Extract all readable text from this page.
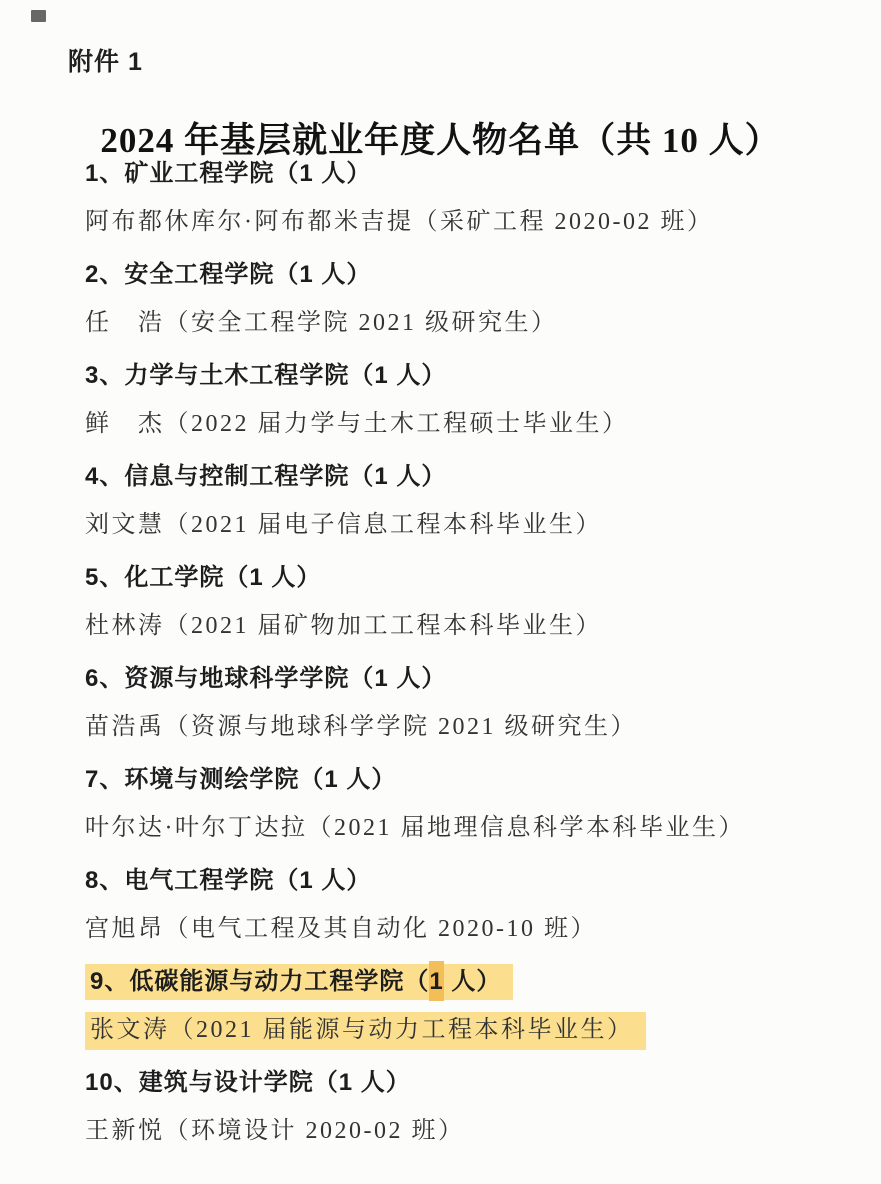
附件 1
2024 年基层就业年度人物名单（共 10 人）
1、矿业工程学院（1 人）
阿布都休库尔·阿布都米吉提（采矿工程 2020-02 班）
2、安全工程学院（1 人）
任　浩（安全工程学院 2021 级研究生）
3、力学与土木工程学院（1 人）
鲜　杰（2022 届力学与土木工程硕士毕业生）
4、信息与控制工程学院（1 人）
刘文慧（2021 届电子信息工程本科毕业生）
5、化工学院（1 人）
杜林涛（2021 届矿物加工工程本科毕业生）
6、资源与地球科学学院（1 人）
苗浩禹（资源与地球科学学院 2021 级研究生）
7、环境与测绘学院（1 人）
叶尔达·叶尔丁达拉（2021 届地理信息科学本科毕业生）
8、电气工程学院（1 人）
宫旭昂（电气工程及其自动化 2020-10 班）
9、低碳能源与动力工程学院（1 人）
张文涛（2021 届能源与动力工程本科毕业生）
10、建筑与设计学院（1 人）
王新悦（环境设计 2020-02 班）
